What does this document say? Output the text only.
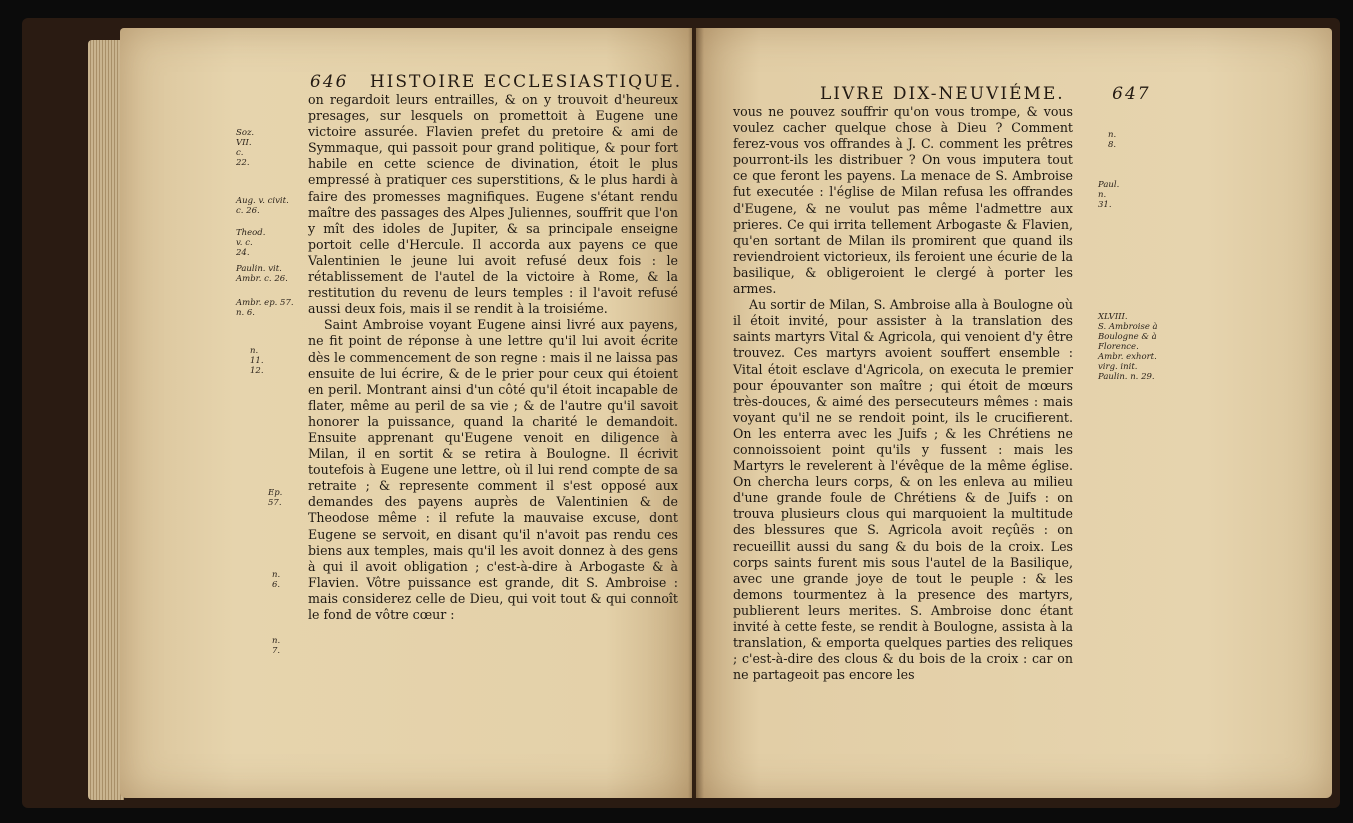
646 HISTOIRE ECCLESIASTIQUE.

on regardoit leurs entrailles, & on y trouvoit d'heureux presages, sur lesquels on promettoit à Eugene une victoire assurée. Flavien prefet du pretoire & ami de Symmaque, qui passoit pour grand politique, & pour fort habile en cette science de divination, étoit le plus empressé à pratiquer ces superstitions, & le plus hardi à faire des promesses magnifiques. Eugene s'étant rendu maître des passages des Alpes Juliennes, souffrit que l'on y mît des idoles de Jupiter, & sa principale enseigne portoit celle d'Hercule. Il accorda aux payens ce que Valentinien le jeune lui avoit refusé deux fois : le rétablissement de l'autel de la victoire à Rome, & la restitution du revenu de leurs temples : il l'avoit refusé aussi deux fois, mais il se rendit à la troisiéme.

Saint Ambroise voyant Eugene ainsi livré aux payens, ne fit point de réponse à une lettre qu'il lui avoit écrite dès le commencement de son regne : mais il ne laissa pas ensuite de lui écrire, & de le prier pour ceux qui étoient en peril. Montrant ainsi d'un côté qu'il étoit incapable de flater, même au peril de sa vie ; & de l'autre qu'il savoit honorer la puissance, quand la charité le demandoit. Ensuite apprenant qu'Eugene venoit en diligence à Milan, il en sortit & se retira à Boulogne. Il écrivit toutefois à Eugene une lettre, où il lui rend compte de sa retraite ; & represente comment il s'est opposé aux demandes des payens auprès de Valentinien & de Theodose même : il refute la mauvaise excuse, dont Eugene se servoit, en disant qu'il n'avoit pas rendu ces biens aux temples, mais qu'il les avoit donnez à des gens à qui il avoit obligation ; c'est-à-dire à Arbogaste & à Flavien. Vôtre puissance est grande, dit S. Ambroise : mais considerez celle de Dieu, qui voit tout & qui connoît le fond de vôtre cœur :

Soz. VII. c. 22.
Aug. v. civit. c. 26.
Theod. v. c. 24.
Paulin. vit. Ambr. c. 26.
Ambr. ep. 57. n. 6.
n. 11. 12.
Ep. 57.
n. 6.
n. 7.
LIVRE DIX-NEUVIÉME.	647

vous ne pouvez souffrir qu'on vous trompe, & vous voulez cacher quelque chose à Dieu ? Comment ferez-vous vos offrandes à J. C. comment les prêtres pourront-ils les distribuer ? On vous imputera tout ce que feront les payens. La menace de S. Ambroise fut executée : l'église de Milan refusa les offrandes d'Eugene, & ne voulut pas même l'admettre aux prieres. Ce qui irrita tellement Arbogaste & Flavien, qu'en sortant de Milan ils promirent que quand ils reviendroient victorieux, ils feroient une écurie de la basilique, & obligeroient le clergé à porter les armes.

Au sortir de Milan, S. Ambroise alla à Boulogne où il étoit invité, pour assister à la translation des saints martyrs Vital & Agricola, qui venoient d'y être trouvez. Ces martyrs avoient souffert ensemble : Vital étoit esclave d'Agricola, on executa le premier pour épouvanter son maître ; qui étoit de mœurs très-douces, & aimé des persecuteurs mêmes : mais voyant qu'il ne se rendoit point, ils le crucifierent. On les enterra avec les Juifs ; & les Chrétiens ne connoissoient point qu'ils y fussent : mais les Martyrs le revelerent à l'évêque de la même église. On chercha leurs corps, & on les enleva au milieu d'une grande foule de Chrétiens & de Juifs : on trouva plusieurs clous qui marquoient la multitude des blessures que S. Agricola avoit reçûës : on recueillit aussi du sang & du bois de la croix. Les corps saints furent mis sous l'autel de la Basilique, avec une grande joye de tout le peuple : & les demons tourmentez à la presence des martyrs, publierent leurs merites. S. Ambroise donc étant invité à cette feste, se rendit à Boulogne, assista à la translation, & emporta quelques parties des reliques ; c'est-à-dire des clous & du bois de la croix : car on ne partageoit pas encore les

n. 8.
Paul. n. 31.
XLVIII.
S. Ambroise à Boulogne & à Florence.
Ambr. exhort. virg. init.
Paulin. n. 29.
